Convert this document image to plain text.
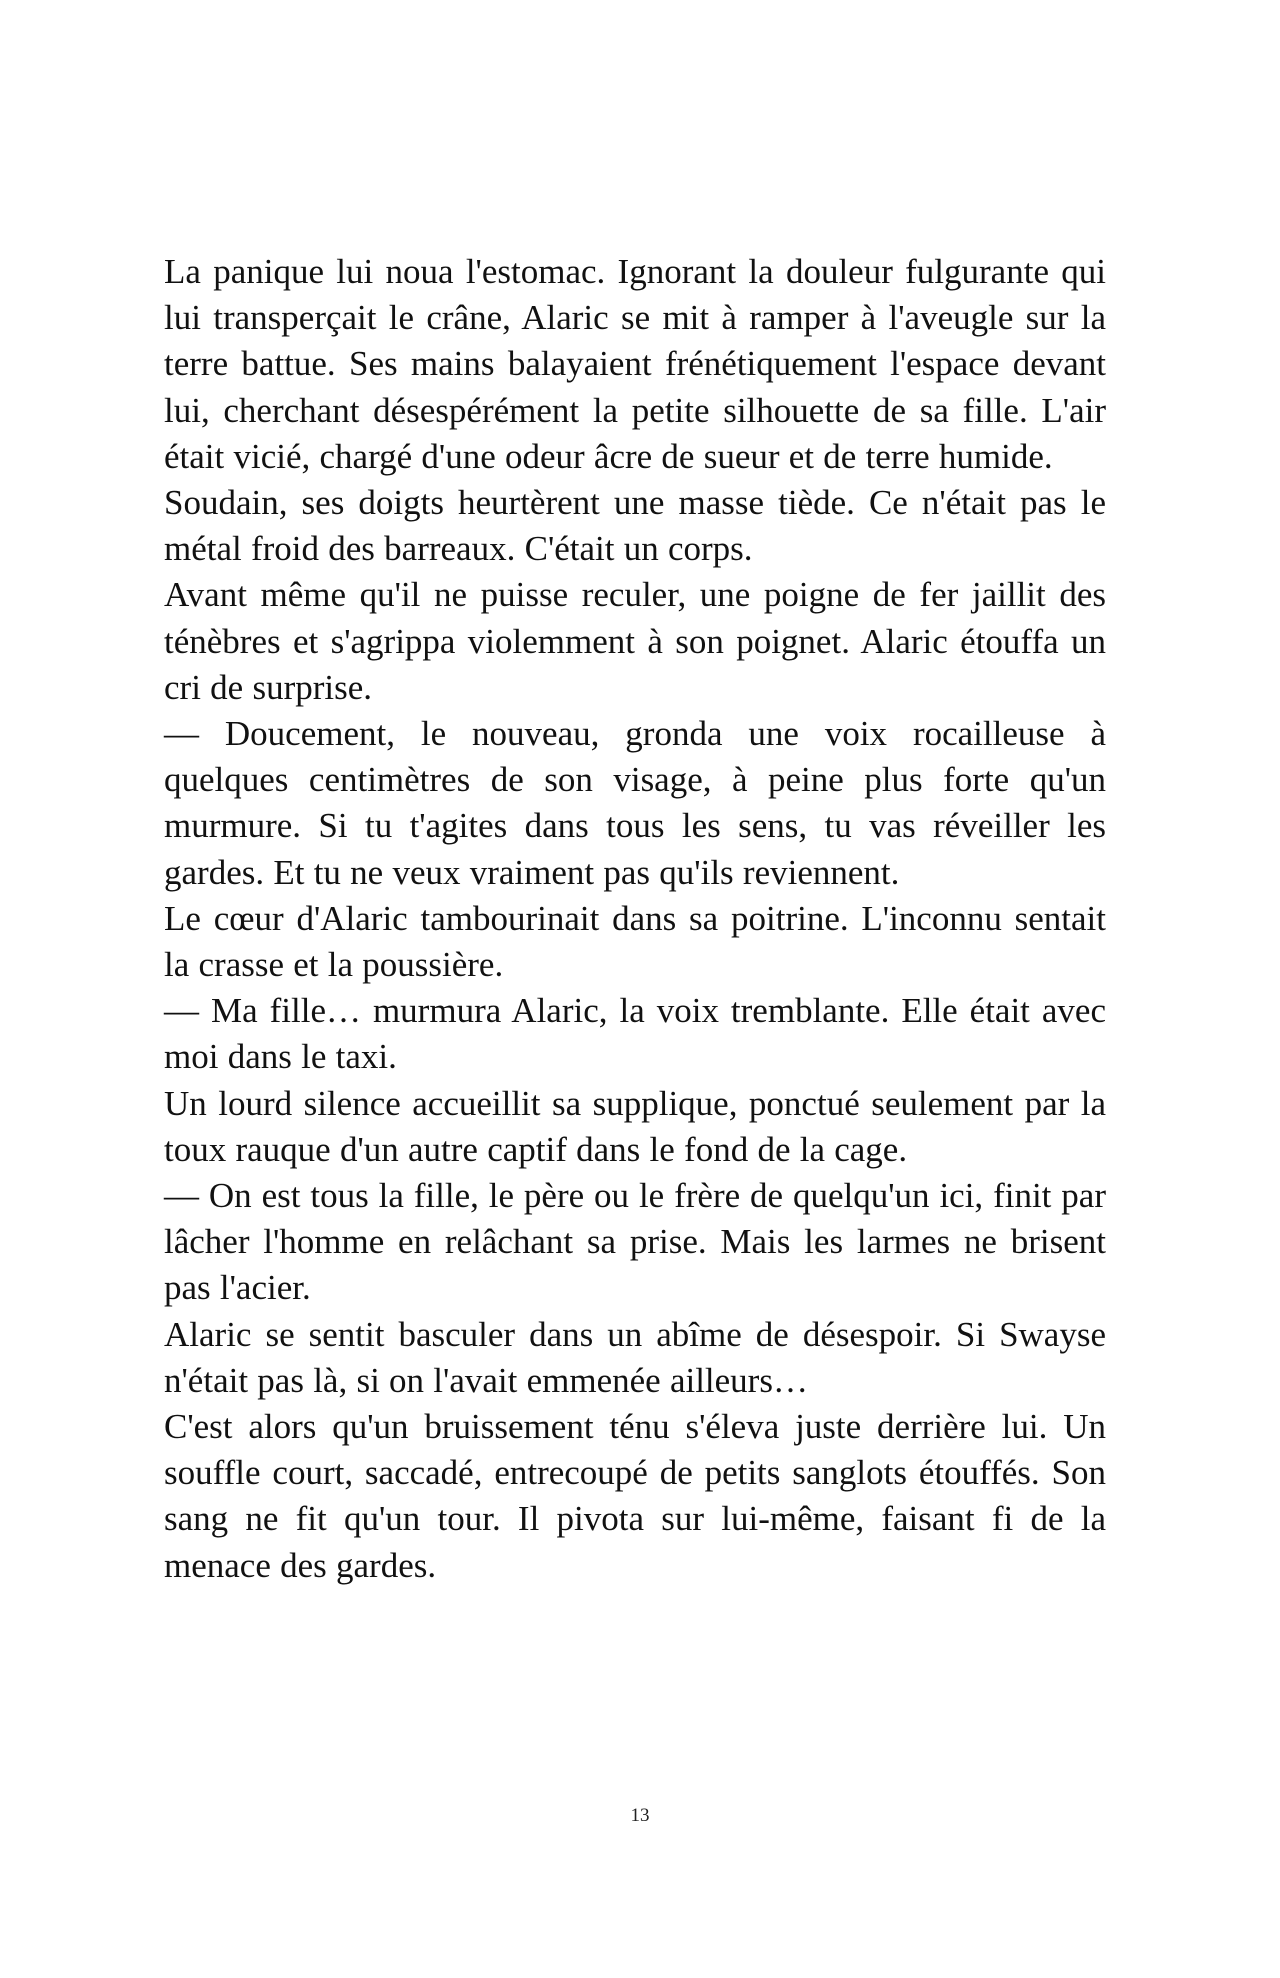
La panique lui noua l'estomac. Ignorant la douleur fulgurante qui lui transperçait le crâne, Alaric se mit à ramper à l'aveugle sur la terre battue. Ses mains balayaient frénétiquement l'espace devant lui, cherchant désespérément la petite silhouette de sa fille. L'air était vicié, chargé d'une odeur âcre de sueur et de terre humide.

Soudain, ses doigts heurtèrent une masse tiède. Ce n'était pas le métal froid des barreaux. C'était un corps.

Avant même qu'il ne puisse reculer, une poigne de fer jaillit des ténèbres et s'agrippa violemment à son poignet. Alaric étouffa un cri de surprise.

— Doucement, le nouveau, gronda une voix rocailleuse à quelques centimètres de son visage, à peine plus forte qu'un murmure. Si tu t'agites dans tous les sens, tu vas réveiller les gardes. Et tu ne veux vraiment pas qu'ils reviennent.

Le cœur d'Alaric tambourinait dans sa poitrine. L'inconnu sentait la crasse et la poussière.

— Ma fille… murmura Alaric, la voix tremblante. Elle était avec moi dans le taxi.

Un lourd silence accueillit sa supplique, ponctué seulement par la toux rauque d'un autre captif dans le fond de la cage.

— On est tous la fille, le père ou le frère de quelqu'un ici, finit par lâcher l'homme en relâchant sa prise. Mais les larmes ne brisent pas l'acier.

Alaric se sentit basculer dans un abîme de désespoir. Si Swayse n'était pas là, si on l'avait emmenée ailleurs…

C'est alors qu'un bruissement ténu s'éleva juste derrière lui. Un souffle court, saccadé, entrecoupé de petits sanglots étouffés. Son sang ne fit qu'un tour. Il pivota sur lui-même, faisant fi de la menace des gardes.

13
